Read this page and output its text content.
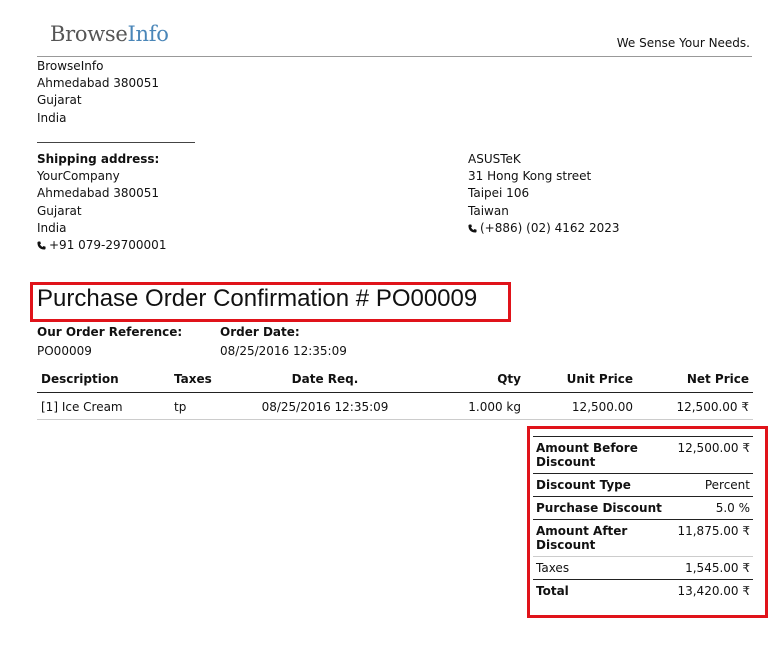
BrowseInfo	We Sense Your Needs.
BrowseInfo
Ahmedabad 380051
Gujarat
India
Shipping address:
YourCompany
Ahmedabad 380051
Gujarat
India
+91 079-29700001
ASUSTeK
31 Hong Kong street
Taipei 106
Taiwan
(+886) (02) 4162 2023
Purchase Order Confirmation # PO00009
Our Order Reference:
PO00009
Order Date:
08/25/2016 12:35:09
Description	Taxes	Date Req.	Qty	Unit Price	Net Price
[1] Ice Cream	tp	08/25/2016 12:35:09	1.000 kg	12,500.00	12,500.00 ₹
Amount Before Discount	12,500.00 ₹
Discount Type	Percent
Purchase Discount	5.0 %
Amount After Discount	11,875.00 ₹
Taxes	1,545.00 ₹
Total	13,420.00 ₹
